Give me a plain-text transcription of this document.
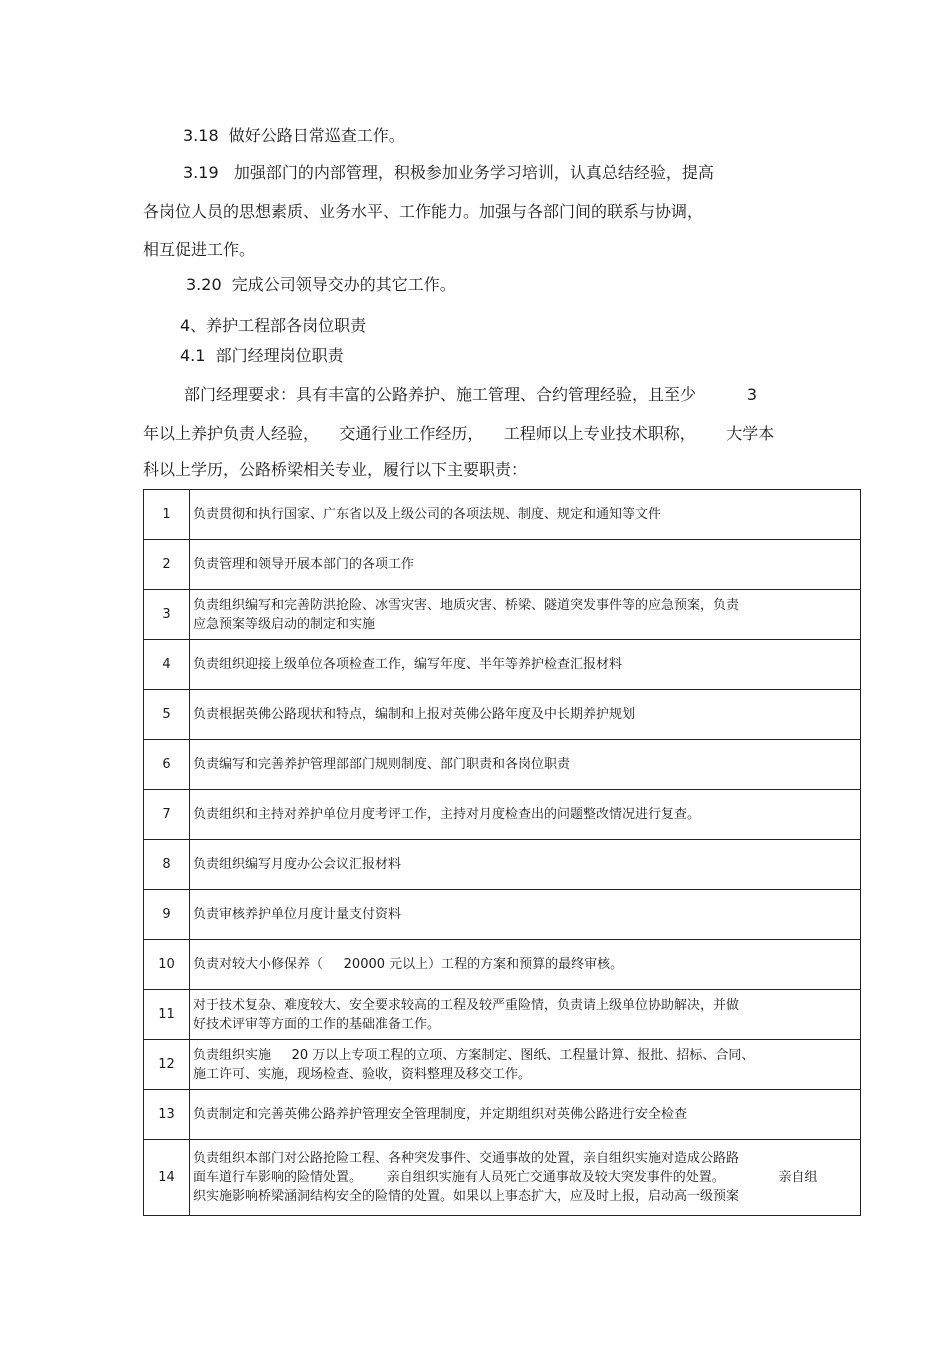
3.18  做好公路日常巡查工作。
3.19   加强部门的内部管理，积极参加业务学习培训，认真总结经验，提高
各岗位人员的思想素质、业务水平、工作能力。加强与各部门间的联系与协调，
相互促进工作。
3.20  完成公司领导交办的其它工作。
4、养护工程部各岗位职责
4.1  部门经理岗位职责
部门经理要求：具有丰富的公路养护、施工管理、合约管理经验，且至少          3
年以上养护负责人经验，    交通行业工作经历，    工程师以上专业技术职称，      大学本
科以上学历，公路桥梁相关专业，履行以下主要职责：
1	负责贯彻和执行国家、广东省以及上级公司的各项法规、制度、规定和通知等文件
2	负责管理和领导开展本部门的各项工作
3	负责组织编写和完善防洪抢险、冰雪灾害、地质灾害、桥梁、隧道突发事件等的应急预案，负责
应急预案等级启动的制定和实施
4	负责组织迎接上级单位各项检查工作，编写年度、半年等养护检查汇报材料
5	负责根据英佛公路现状和特点，编制和上报对英佛公路年度及中长期养护规划
6	负责编写和完善养护管理部部门规则制度、部门职责和各岗位职责
7	负责组织和主持对养护单位月度考评工作，主持对月度检查出的问题整改情况进行复查。
8	负责组织编写月度办公会议汇报材料
9	负责审核养护单位月度计量支付资料
10	负责对较大小修保养（     20000 元以上）工程的方案和预算的最终审核。
11	对于技术复杂、难度较大、安全要求较高的工程及较严重险情，负责请上级单位协助解决，并做
好技术评审等方面的工作的基础准备工作。
12	负责组织实施     20 万以上专项工程的立项、方案制定、图纸、工程量计算、报批、招标、合同、
施工许可、实施，现场检查、验收，资料整理及移交工作。
13	负责制定和完善英佛公路养护管理安全管理制度，并定期组织对英佛公路进行安全检查
14	负责组织本部门对公路抢险工程、各种突发事件、交通事故的处置，亲自组织实施对造成公路路
面车道行车影响的险情处置。      亲自组织实施有人员死亡交通事故及较大突发事件的处置。             亲自组
织实施影响桥梁涵洞结构安全的险情的处置。如果以上事态扩大，应及时上报，启动高一级预案
